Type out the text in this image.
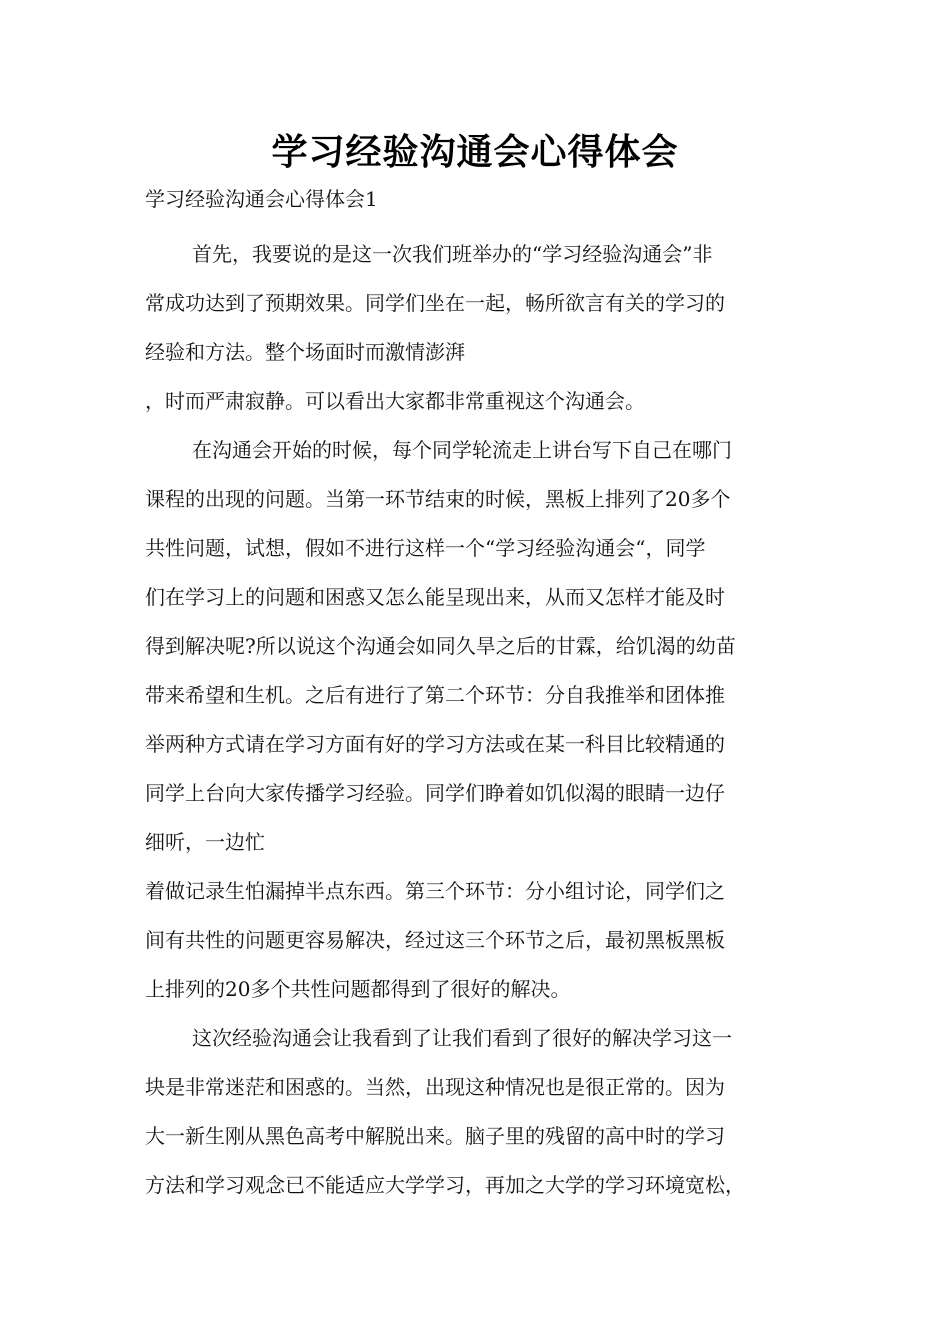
学习经验沟通会心得体会

学习经验沟通会心得体会1

首先，我要说的是这一次我们班举办的“学习经验沟通会”非

常成功达到了预期效果。同学们坐在一起，畅所欲言有关的学习的

经验和方法。整个场面时而激情澎湃

，时而严肃寂静。可以看出大家都非常重视这个沟通会。

在沟通会开始的时候，每个同学轮流走上讲台写下自己在哪门

课程的出现的问题。当第一环节结束的时候，黑板上排列了20多个

共性问题，试想，假如不进行这样一个“学习经验沟通会“，同学

们在学习上的问题和困惑又怎么能呈现出来，从而又怎样才能及时

得到解决呢?所以说这个沟通会如同久旱之后的甘霖，给饥渴的幼苗

带来希望和生机。之后有进行了第二个环节：分自我推举和团体推

举两种方式请在学习方面有好的学习方法或在某一科目比较精通的

同学上台向大家传播学习经验。同学们睁着如饥似渴的眼睛一边仔

细听，一边忙

着做记录生怕漏掉半点东西。第三个环节：分小组讨论，同学们之

间有共性的问题更容易解决，经过这三个环节之后，最初黑板黑板

上排列的20多个共性问题都得到了很好的解决。

这次经验沟通会让我看到了让我们看到了很好的解决学习这一

块是非常迷茫和困惑的。当然，出现这种情况也是很正常的。因为

大一新生刚从黑色高考中解脱出来。脑子里的残留的高中时的学习

方法和学习观念已不能适应大学学习，再加之大学的学习环境宽松，
